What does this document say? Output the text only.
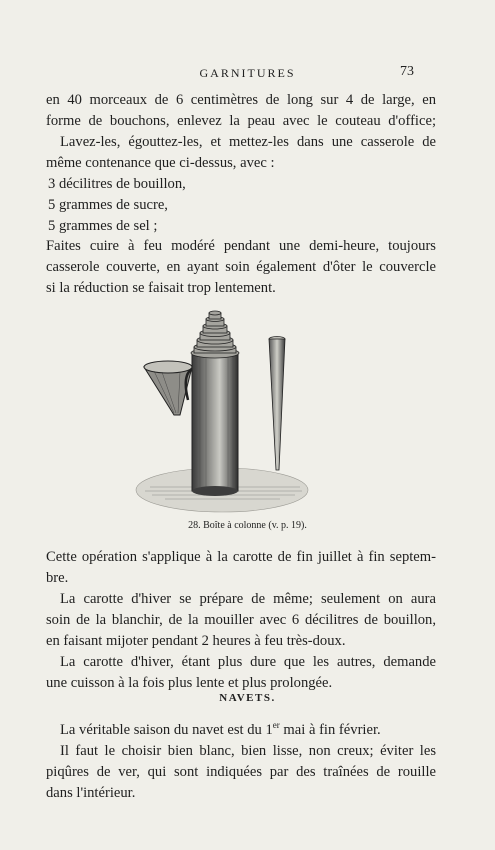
GARNITURES	73
en 40 morceaux de 6 centimètres de long sur 4 de large, en
forme de bouchons, enlevez la peau avec le couteau d'office;
Lavez-les, égouttez-les, et mettez-les dans une casserole de
même contenance que ci-dessus, avec :
3 décilitres de bouillon,
5 grammes de sucre,
5 grammes de sel ;
Faites cuire à feu modéré pendant une demi-heure, toujours
casserole couverte, en ayant soin également d'ôter le couvercle
si la réduction se faisait trop lentement.
28. Boîte à colonne (v. p. 19).
Cette opération s'applique à la carotte de fin juillet à fin septem-
bre.
La carotte d'hiver se prépare de même; seulement on aura
soin de la blanchir, de la mouiller avec 6 décilitres de bouillon,
en faisant mijoter pendant 2 heures à feu très-doux.
La carotte d'hiver, étant plus dure que les autres, demande
une cuisson à la fois plus lente et plus prolongée.
NAVETS.
La véritable saison du navet est du 1er mai à fin février.
Il faut le choisir bien blanc, bien lisse, non creux; éviter les
piqûres de ver, qui sont indiquées par des traînées de rouille
dans l'intérieur.
